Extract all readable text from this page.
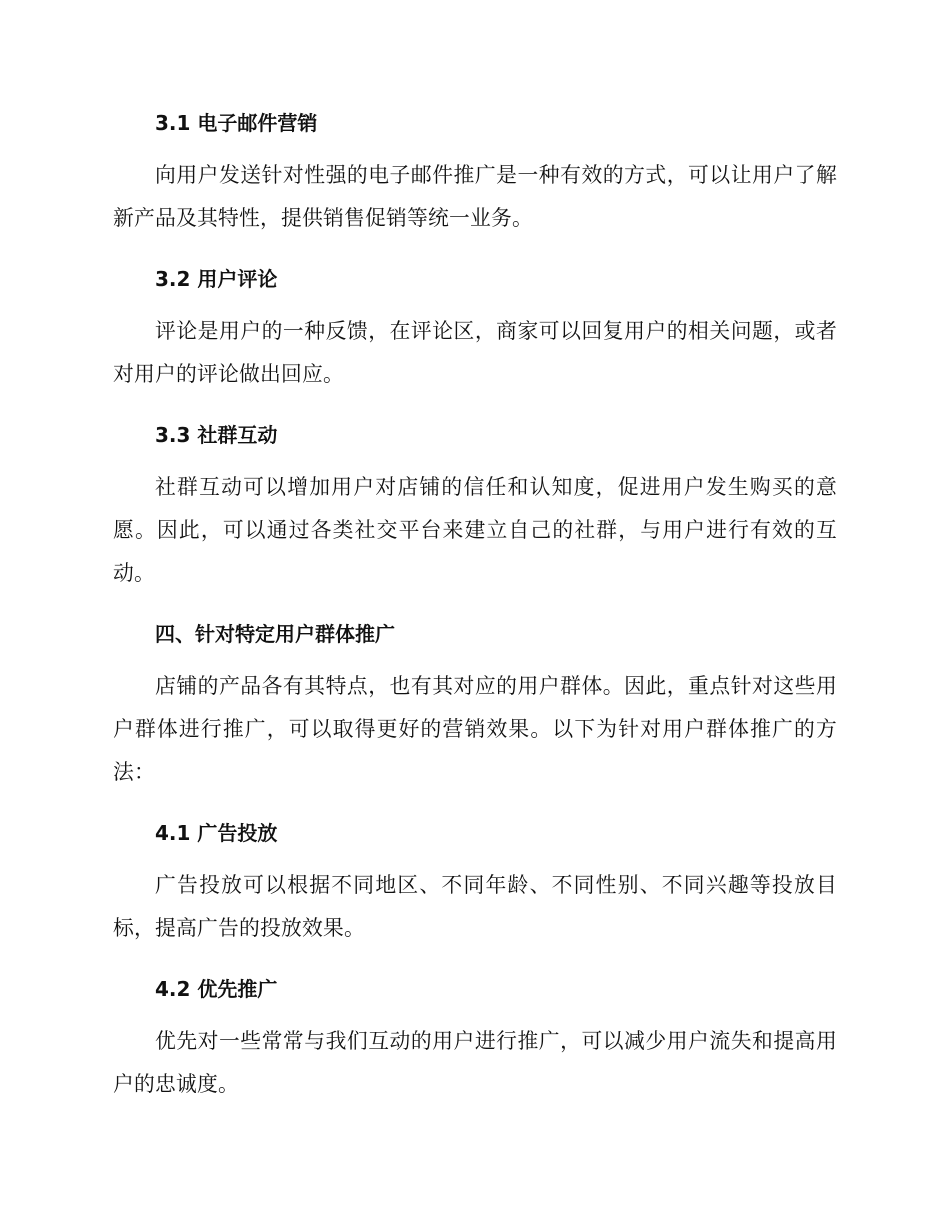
3.1 电子邮件营销

向用户发送针对性强的电子邮件推广是一种有效的方式，可以让用户了解新产品及其特性，提供销售促销等统一业务。

3.2 用户评论

评论是用户的一种反馈，在评论区，商家可以回复用户的相关问题，或者对用户的评论做出回应。

3.3 社群互动

社群互动可以增加用户对店铺的信任和认知度，促进用户发生购买的意愿。因此，可以通过各类社交平台来建立自己的社群，与用户进行有效的互动。

四、针对特定用户群体推广

店铺的产品各有其特点，也有其对应的用户群体。因此，重点针对这些用户群体进行推广，可以取得更好的营销效果。以下为针对用户群体推广的方法：

4.1 广告投放

广告投放可以根据不同地区、不同年龄、不同性别、不同兴趣等投放目标，提高广告的投放效果。

4.2 优先推广

优先对一些常常与我们互动的用户进行推广，可以减少用户流失和提高用户的忠诚度。
